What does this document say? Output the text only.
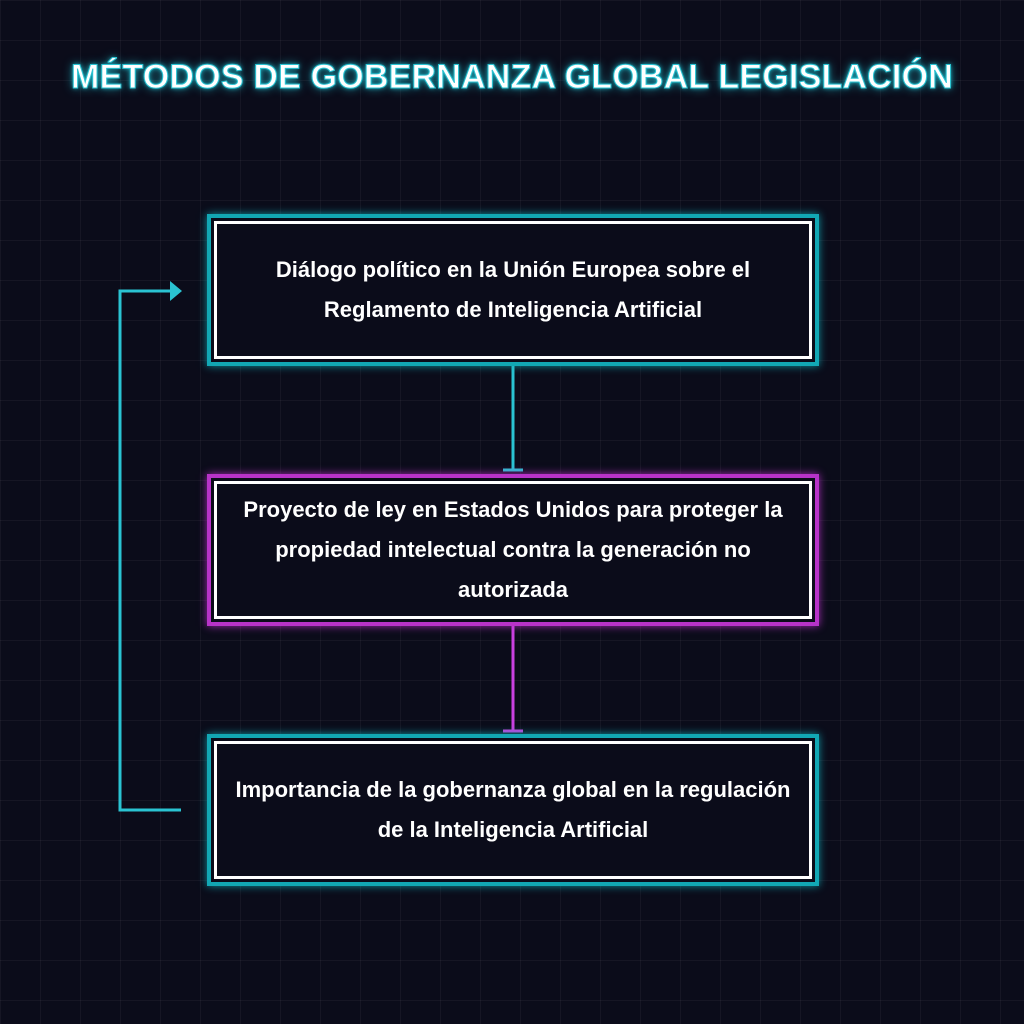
MÉTODOS DE GOBERNANZA GLOBAL LEGISLACIÓN
Diálogo político en la Unión Europea sobre el Reglamento de Inteligencia Artificial
Proyecto de ley en Estados Unidos para proteger la propiedad intelectual contra la generación no autorizada
Importancia de la gobernanza global en la regulación de la Inteligencia Artificial
